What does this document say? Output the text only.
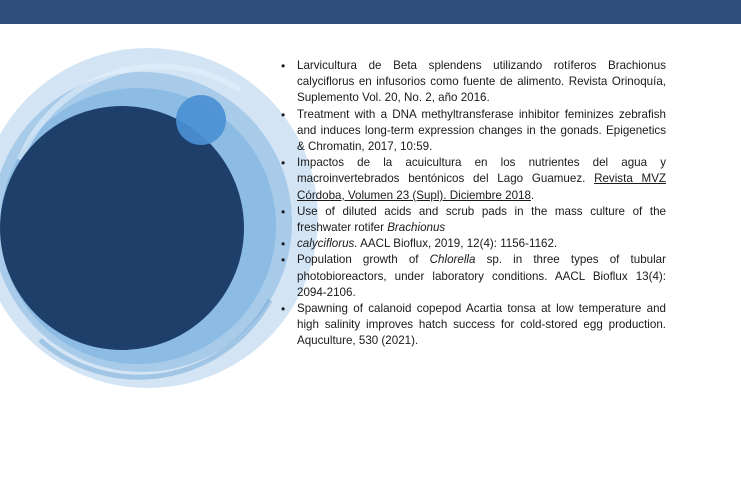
• Larvicultura de Beta splendens utilizando rotíferos Brachionus calyciflorus en infusorios como fuente de alimento. Revista Orinoquía, Suplemento Vol. 20, No. 2, año 2016.
• Treatment with a DNA methyltransferase inhibitor feminizes zebrafish and induces long-term expression changes in the gonads. Epigenetics & Chromatin, 2017, 10:59.
• Impactos de la acuicultura en los nutrientes del agua y macroinvertebrados bentónicos del Lago Guamuez. Revista MVZ Córdoba, Volumen 23 (Supl). Diciembre 2018.
• Use of diluted acids and scrub pads in the mass culture of the freshwater rotifer Brachionus
• calyciflorus. AACL Bioflux, 2019, 12(4): 1156-1162.
• Population growth of Chlorella sp. in three types of tubular photobioreactors, under laboratory conditions. AACL Bioflux 13(4): 2094-2106.
• Spawning of calanoid copepod Acartia tonsa at low temperature and high salinity improves hatch success for cold-stored egg production. Aquculture, 530 (2021).
